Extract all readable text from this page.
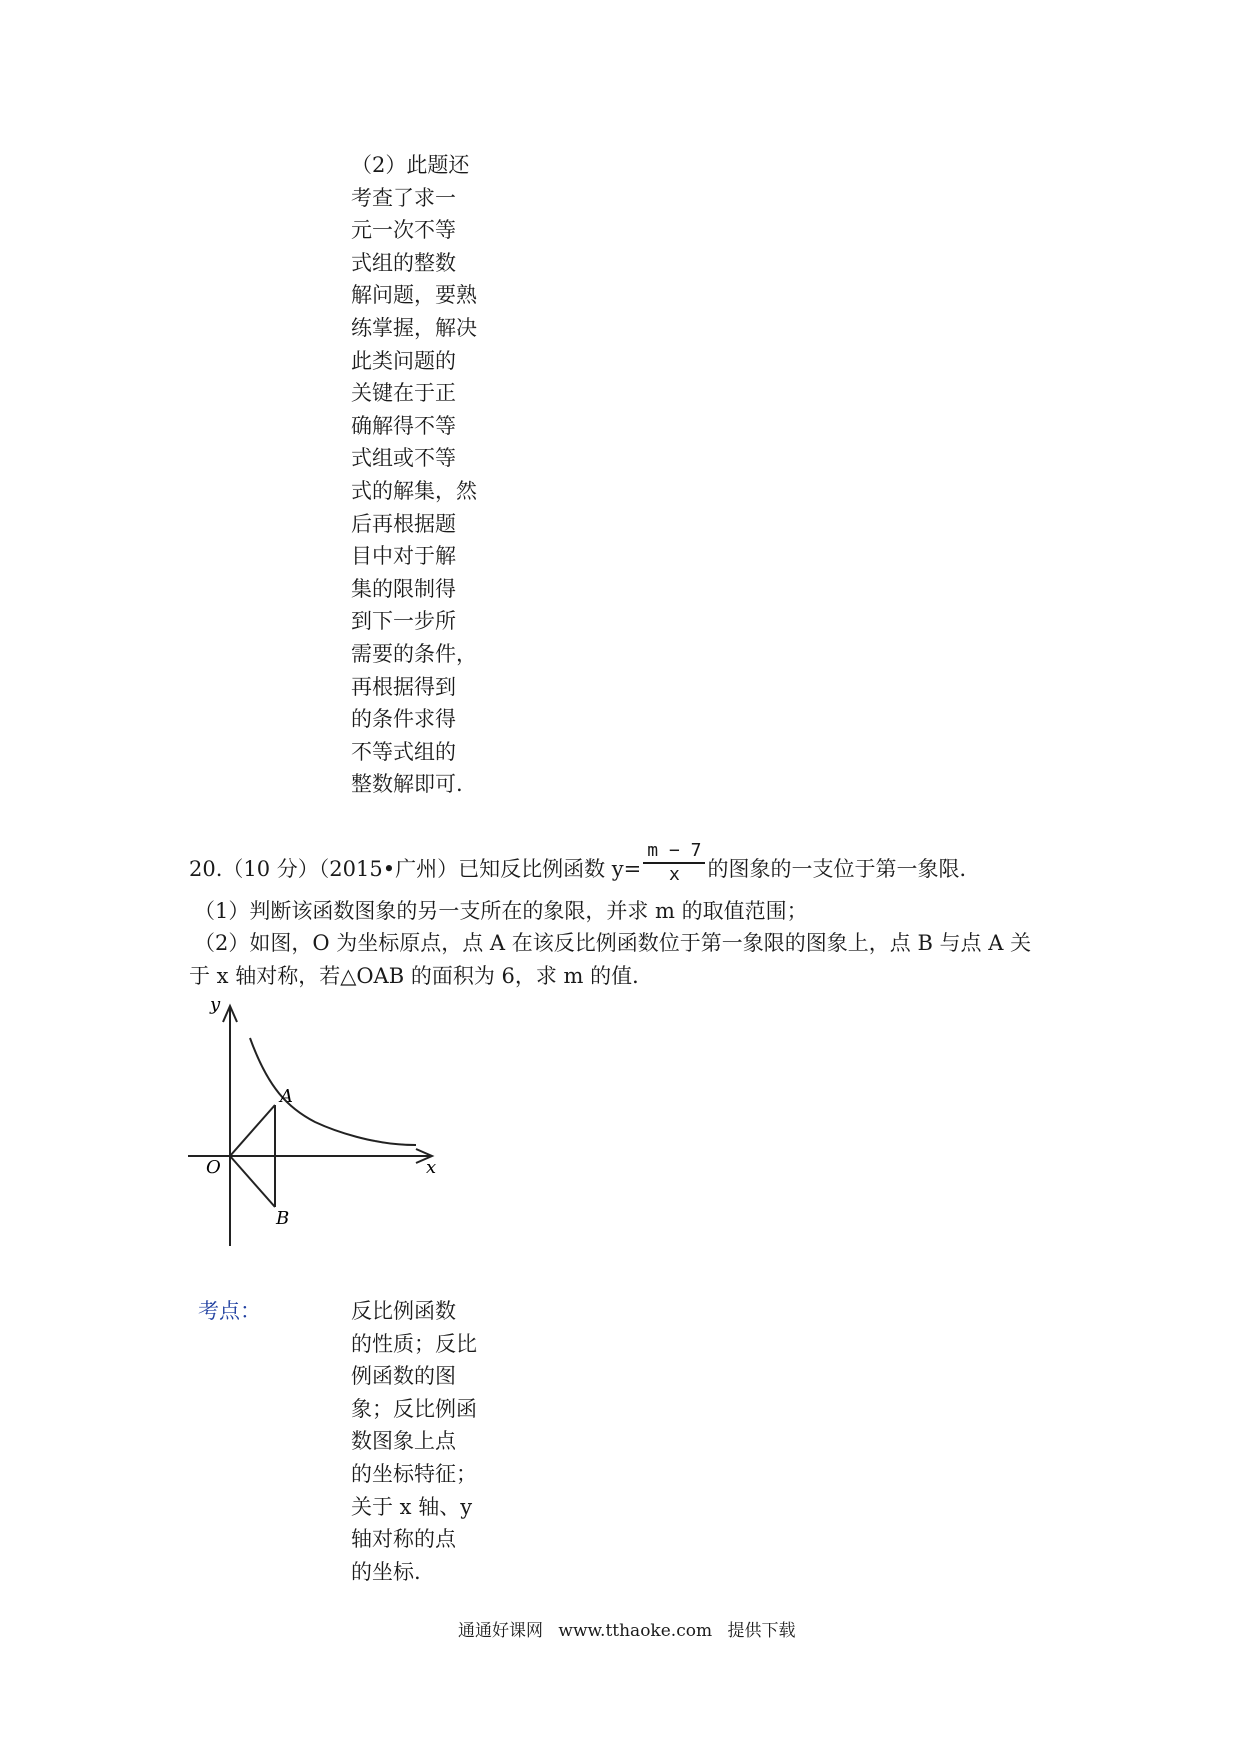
（2）此题还
考查了求一
元一次不等
式组的整数
解问题，要熟
练掌握，解决
此类问题的
关键在于正
确解得不等
式组或不等
式的解集，然
后再根据题
目中对于解
集的限制得
到下一步所
需要的条件，
再根据得到
的条件求得
不等式组的
整数解即可.
20.（10 分）（2015•广州）已知反比例函数 $y= \frac{m - 7}{x}$ 的图象的一支位于第一象限．
（1）判断该函数图象的另一支所在的象限，并求 m 的取值范围；
（2）如图，O 为坐标原点，点 A 在该反比例函数位于第一象限的图象上，点 B 与点 A 关
于 x 轴对称，若△OAB 的面积为 6，求 m 的值．
y
x
O
A
B
考点：	反比例函数
的性质；反比
例函数的图
象；反比例函
数图象上点
的坐标特征；
关于 x 轴、y
轴对称的点
的坐标.
通通好课网 www.tthaoke.com 提供下载
